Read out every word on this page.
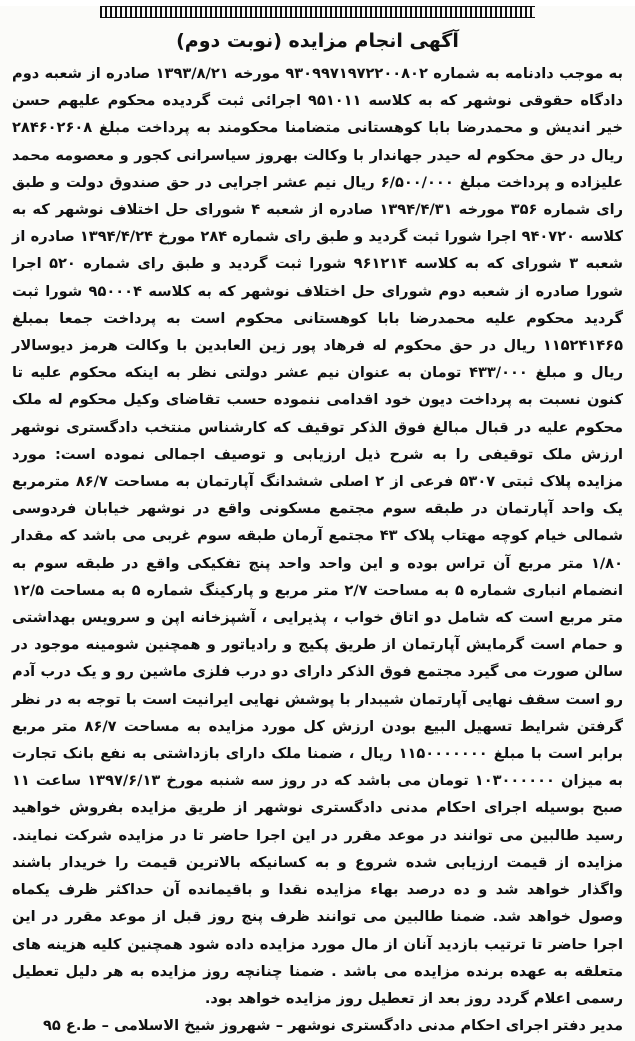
آگهی انجام مزایده (نوبت دوم)

به موجب دادنامه به شماره ۹۳۰۹۹۷۱۹۷۲۲۰۰۸۰۲ مورخه ۱۳۹۳/۸/۲۱ صادره از شعبه دوم دادگاه حقوقی نوشهر که به کلاسه ۹۵۱۰۱۱ اجرائی ثبت گردیده محکوم علیهم حسن خیر اندیش و محمدرضا بابا کوهستانی متضامنا محکومند به پرداخت مبلغ ۲۸۴۶۰۲۶۰۸ ریال در حق محکوم له حیدر جهاندار با وکالت بهروز سیاسرانی کجور و معصومه محمد علیزاده و پرداخت مبلغ ۶/۵۰۰/۰۰۰ ریال نیم عشر اجرایی در حق صندوق دولت و طبق رای شماره ۳۵۶ مورخه ۱۳۹۴/۴/۳۱ صادره از شعبه ۴ شورای حل اختلاف نوشهر که به کلاسه ۹۴۰۷۲۰ اجرا شورا ثبت گردید و طبق رای شماره ۲۸۴ مورخ ۱۳۹۴/۴/۲۴ صادره از شعبه ۳ شورای که به کلاسه ۹۶۱۲۱۴ شورا ثبت گردید و طبق رای شماره ۵۲۰ اجرا شورا صادره از شعبه دوم شورای حل اختلاف نوشهر که به کلاسه ۹۵۰۰۰۴ شورا ثبت گردید محکوم علیه محمدرضا بابا کوهستانی محکوم است به پرداخت جمعا بمبلغ ۱۱۵۲۴۱۴۶۵ ریال در حق محکوم له فرهاد پور زین العابدین با وکالت هرمز دیوسالار ریال و مبلغ ۴۳۳/۰۰۰ تومان به عنوان نیم عشر دولتی نظر به اینکه محکوم علیه تا کنون نسبت به پرداخت دیون خود اقدامی ننموده حسب تقاضای وکیل محکوم له ملک محکوم علیه در قبال مبالغ فوق الذکر توقیف که کارشناس منتخب دادگستری نوشهر ارزش ملک توقیفی را به شرح ذیل ارزیابی و توصیف اجمالی نموده است: مورد مزایده پلاک ثبتی ۵۳۰۷ فرعی از ۲ اصلی ششدانگ آپارتمان به مساحت ۸۶/۷ مترمربع یک واحد آپارتمان در طبقه سوم مجتمع مسکونی واقع در نوشهر خیابان فردوسی شمالی خیام کوچه مهتاب پلاک ۴۳ مجتمع آرمان طبقه سوم غربی می باشد که مقدار ۱/۸۰ متر مربع آن تراس بوده و این واحد واحد پنج تفکیکی واقع در طبقه سوم به انضمام انباری شماره ۵ به مساحت ۲/۷ متر مربع و پارکینگ شماره ۵ به مساحت ۱۲/۵ متر مربع است که شامل دو اتاق خواب ، پذیرایی ، آشپزخانه اپن و سرویس بهداشتی و حمام است گرمایش آپارتمان از طریق پکیج و رادیاتور و همچنین شومینه موجود در سالن صورت می گیرد مجتمع فوق الذکر دارای دو درب فلزی ماشین رو و یک درب آدم رو است سقف نهایی آپارتمان شیبدار با پوشش نهایی ایرانیت است با توجه به در نظر گرفتن شرایط تسهیل البیع بودن ارزش کل مورد مزایده به مساحت ۸۶/۷ متر مربع برابر است با مبلغ ۱۱۵۰۰۰۰۰۰۰ ریال ، ضمنا ملک دارای بازداشتی به نفع بانک تجارت به میزان ۱۰۳۰۰۰۰۰۰ تومان می باشد که در روز سه شنبه مورخ ۱۳۹۷/۶/۱۳ ساعت ۱۱ صبح بوسیله اجرای احکام مدنی دادگستری نوشهر از طریق مزایده بفروش خواهید رسید طالبین می توانند در موعد مقرر در این اجرا حاضر تا در مزایده شرکت نمایند. مزایده از قیمت ارزیابی شده شروع و به کسانیکه بالاترین قیمت را خریدار باشند واگذار خواهد شد و ده درصد بهاء مزایده نقدا و باقیمانده آن حداکثر ظرف یکماه وصول خواهد شد. ضمنا طالبین می توانند ظرف پنج روز قبل از موعد مقرر در این اجرا حاضر تا ترتیب بازدید آنان از مال مورد مزایده داده شود همچنین کلیه هزینه های متعلقه به عهده برنده مزایده می باشد . ضمنا چنانچه روز مزایده به هر دلیل تعطیل رسمی اعلام گردد روز بعد از تعطیل روز مزایده خواهد بود.

مدیر دفتر اجرای احکام مدنی دادگستری نوشهر – شهروز شیخ الاسلامی – ط.ع ۹۵
